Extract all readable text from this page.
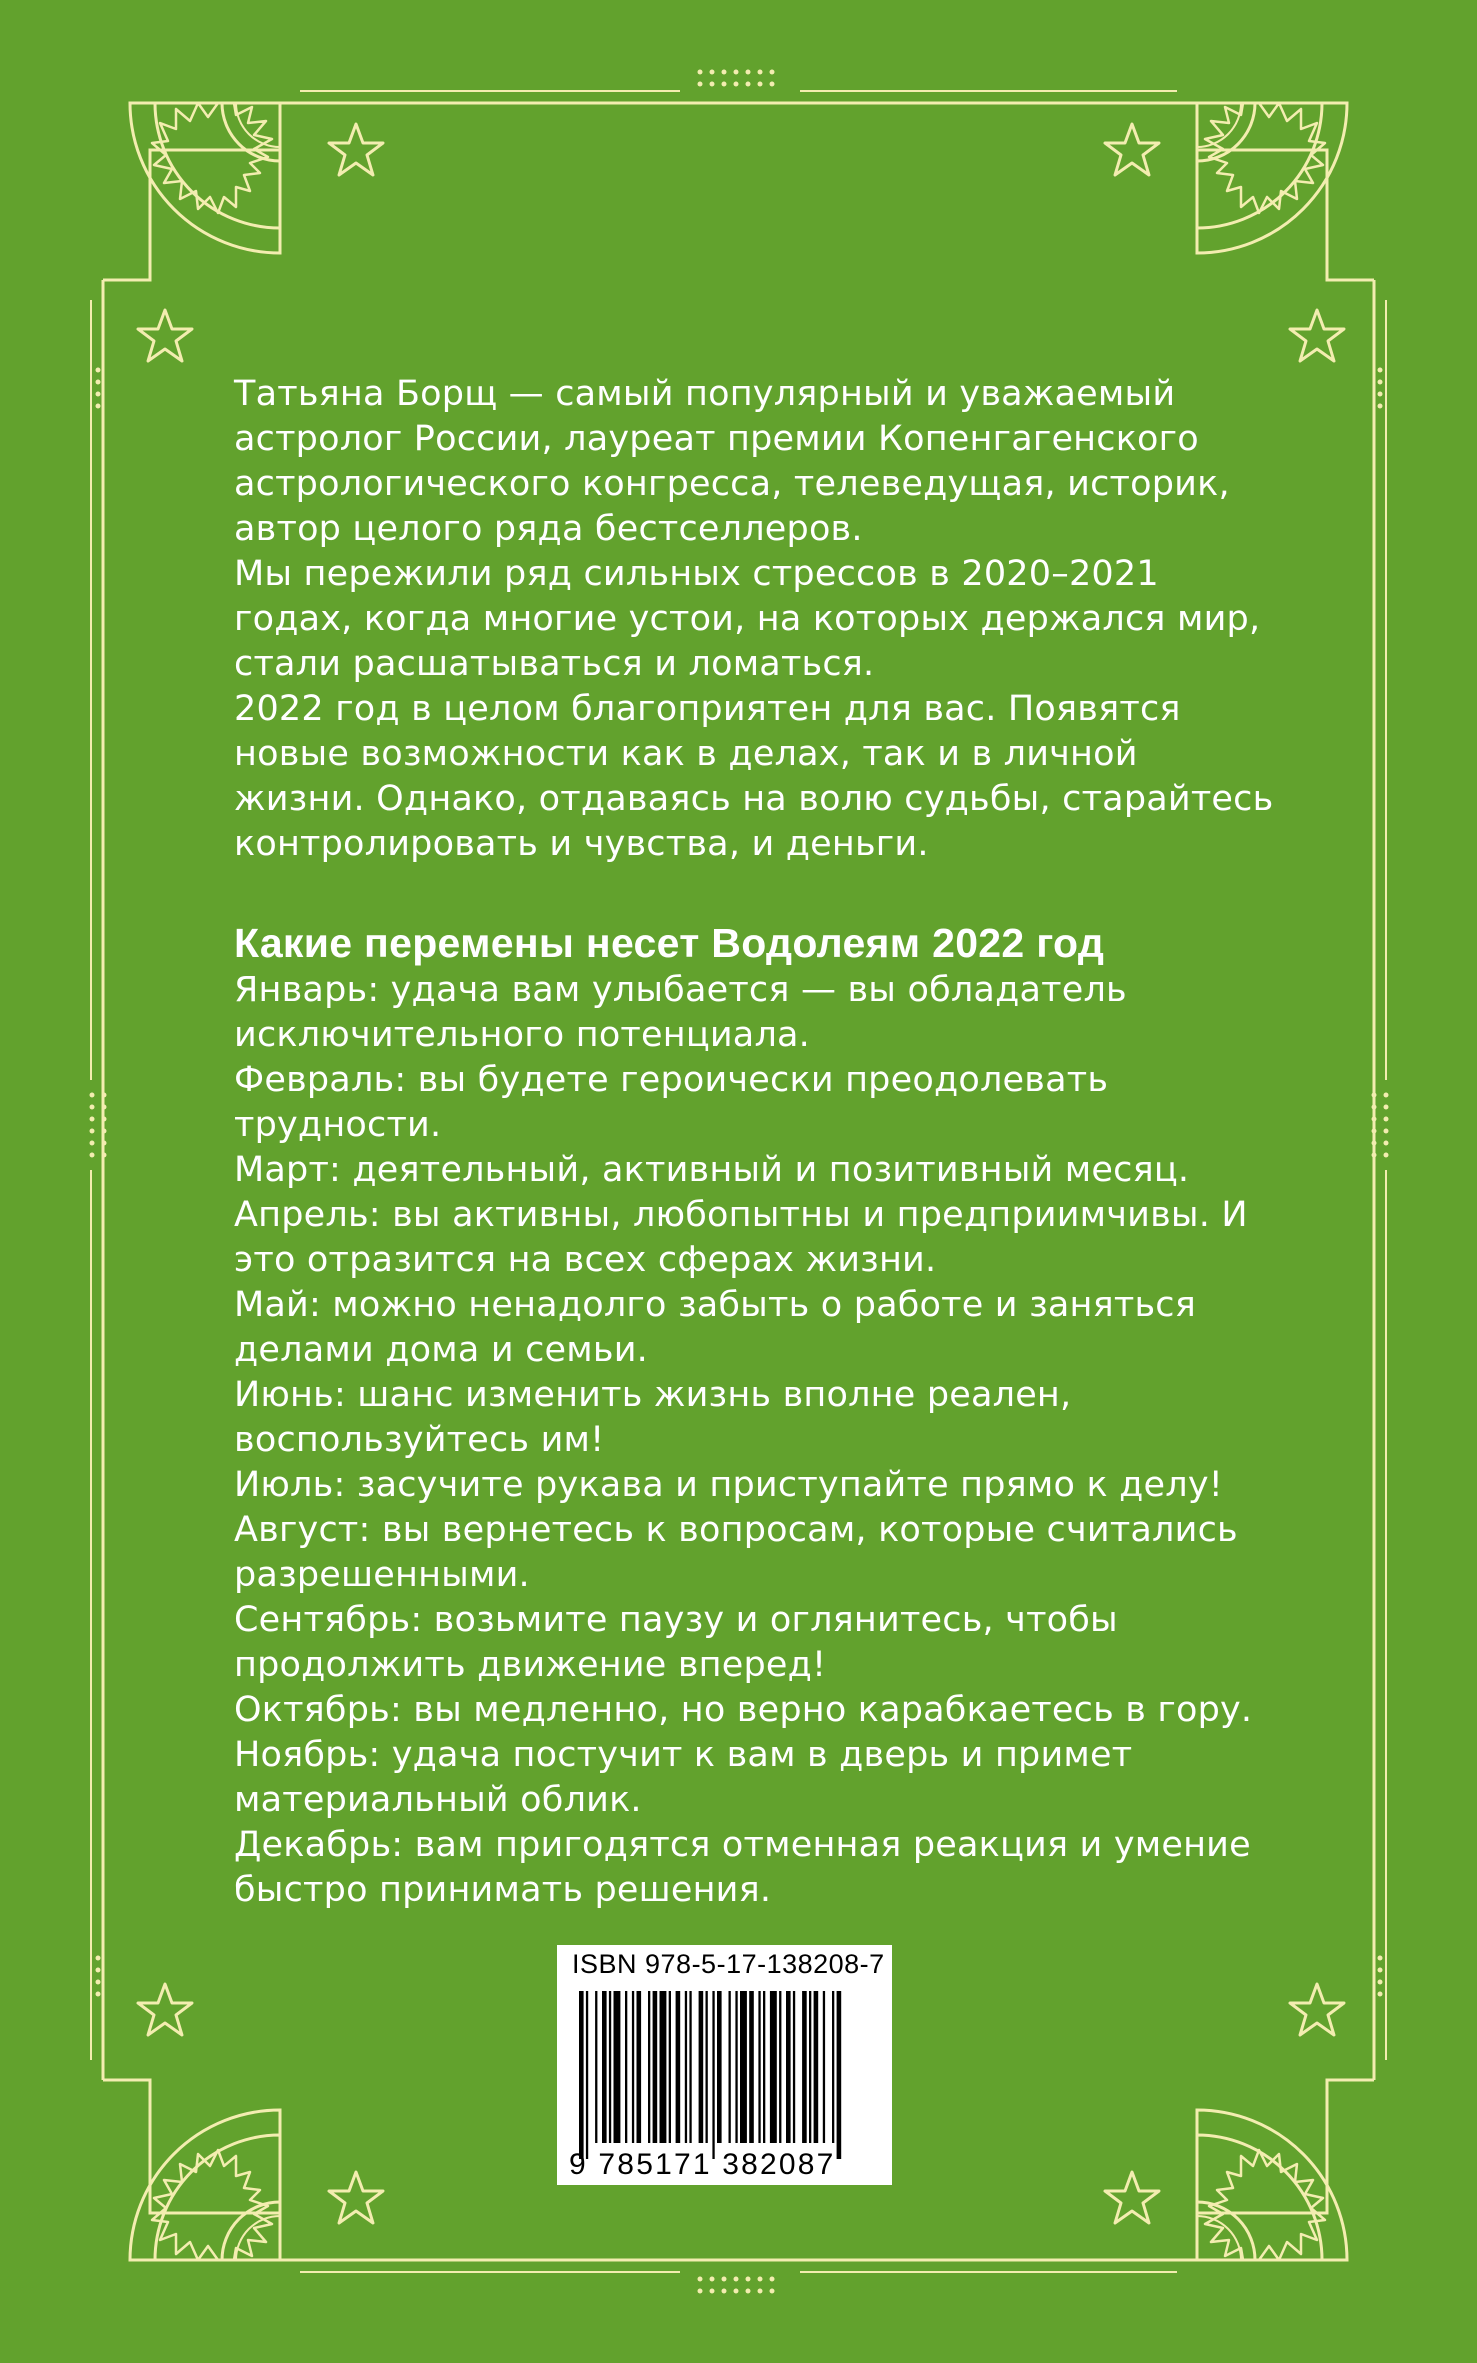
Татьяна Борщ — самый популярный и уважаемый астролог России, лауреат премии Копенгагенского астрологического конгресса, телеведущая, историк, автор целого ряда бестселлеров.

Мы пережили ряд сильных стрессов в 2020–2021 годах, когда многие устои, на которых держался мир, стали расшатываться и ломаться.

2022 год в целом благоприятен для вас. Появятся новые возможности как в делах, так и в личной жизни. Однако, отдаваясь на волю судьбы, старайтесь контролировать и чувства, и деньги.

Какие перемены несет Водолеям 2022 год

Январь: удача вам улыбается — вы обладатель исключительного потенциала.

Февраль: вы будете героически преодолевать трудности.

Март: деятельный, активный и позитивный месяц.

Апрель: вы активны, любопытны и предприимчивы. И это отразится на всех сферах жизни.

Май: можно ненадолго забыть о работе и заняться делами дома и семьи.

Июнь: шанс изменить жизнь вполне реален, воспользуйтесь им!

Июль: засучите рукава и приступайте прямо к делу!

Август: вы вернетесь к вопросам, которые считались разрешенными.

Сентябрь: возьмите паузу и оглянитесь, чтобы продолжить движение вперед!

Октябрь: вы медленно, но верно карабкаетесь в гору.

Ноябрь: удача постучит к вам в дверь и примет материальный облик.

Декабрь: вам пригодятся отменная реакция и умение быстро принимать решения.

ISBN 978-5-17-138208-7
9 785171 382087
